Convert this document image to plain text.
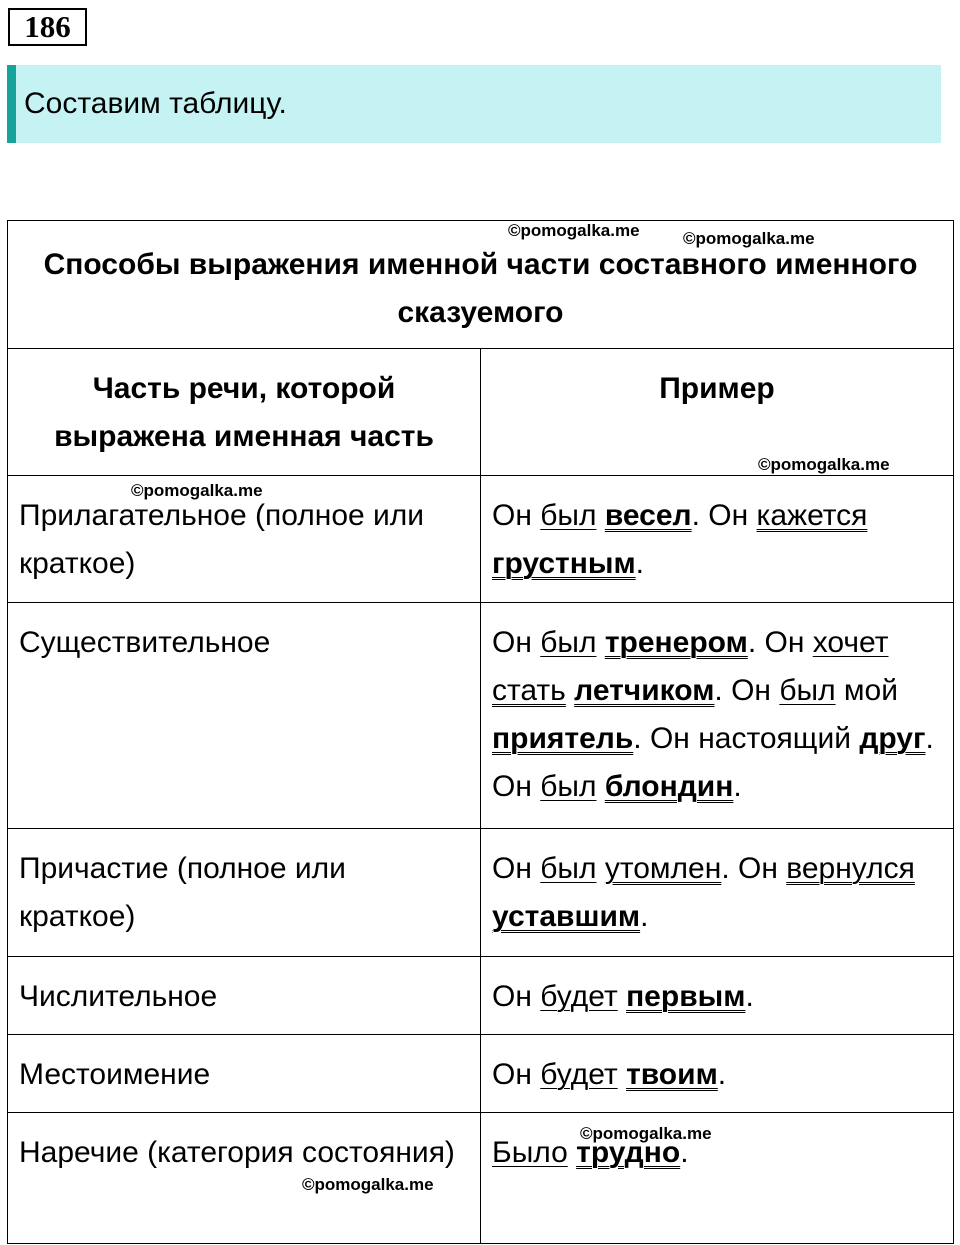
186
Составим таблицу.
Способы выражения именной части составного именного сказуемого	
Часть речи, которой выражена именная часть	Пример
Прилагательное (полное или краткое)	Он был весел. Он кажется грустным.
Существительное	Он был тренером. Он хочет стать летчиком. Он был мой приятель. Он настоящий друг. Он был блондин.
Причастие (полное или краткое)	Он был утомлен. Он вернулся уставшим.
Числительное	Он будет первым.
Местоимение	Он будет твоим.
Наречие (категория состояния)	Было трудно.
©pomogalka.me	©pomogalka.me
©pomogalka.me
©pomogalka.me
©pomogalka.me
©pomogalka.me
